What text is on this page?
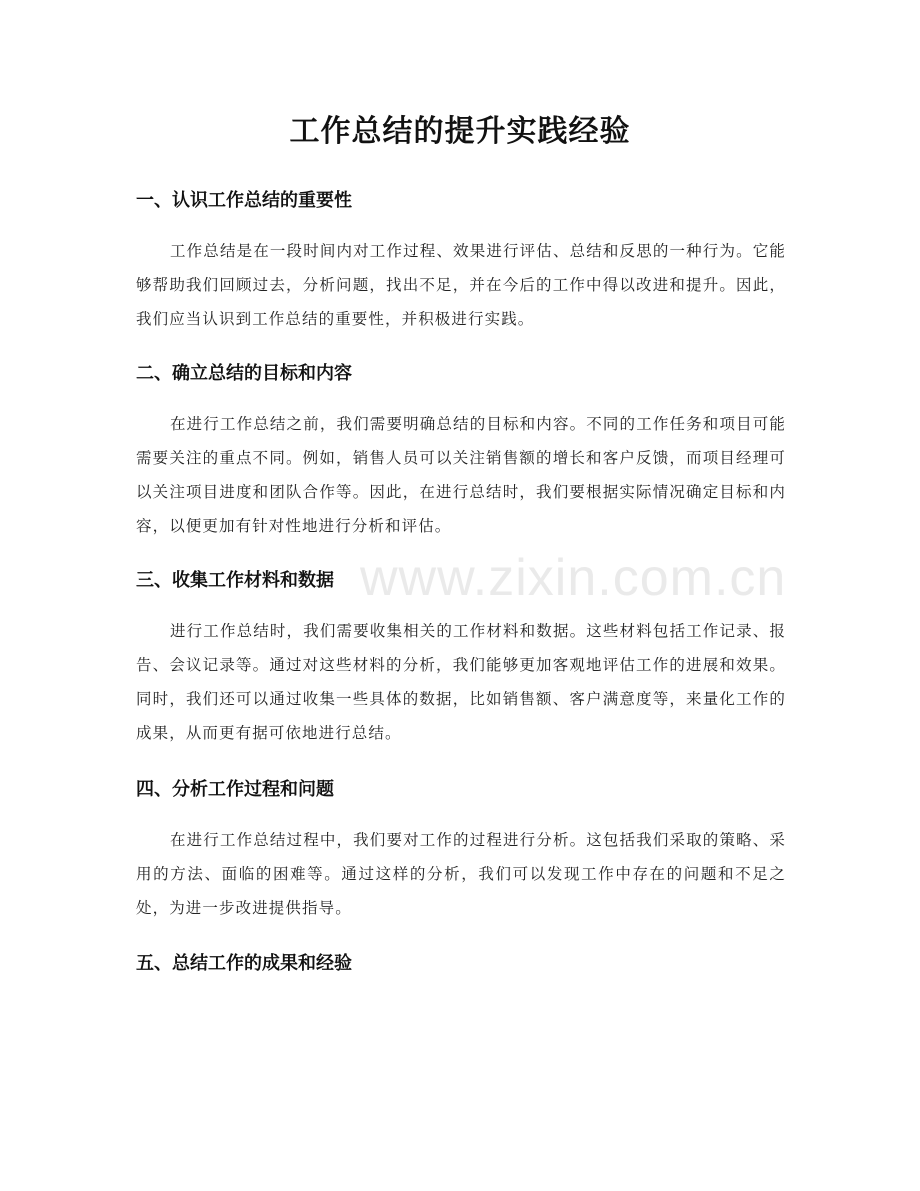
工作总结的提升实践经验
一、认识工作总结的重要性

工作总结是在一段时间内对工作过程、效果进行评估、总结和反思的一种行为。它能够帮助我们回顾过去，分析问题，找出不足，并在今后的工作中得以改进和提升。因此，我们应当认识到工作总结的重要性，并积极进行实践。

二、确立总结的目标和内容

在进行工作总结之前，我们需要明确总结的目标和内容。不同的工作任务和项目可能需要关注的重点不同。例如，销售人员可以关注销售额的增长和客户反馈，而项目经理可以关注项目进度和团队合作等。因此，在进行总结时，我们要根据实际情况确定目标和内容，以便更加有针对性地进行分析和评估。

三、收集工作材料和数据

进行工作总结时，我们需要收集相关的工作材料和数据。这些材料包括工作记录、报告、会议记录等。通过对这些材料的分析，我们能够更加客观地评估工作的进展和效果。同时，我们还可以通过收集一些具体的数据，比如销售额、客户满意度等，来量化工作的成果，从而更有据可依地进行总结。

四、分析工作过程和问题

在进行工作总结过程中，我们要对工作的过程进行分析。这包括我们采取的策略、采用的方法、面临的困难等。通过这样的分析，我们可以发现工作中存在的问题和不足之处，为进一步改进提供指导。

五、总结工作的成果和经验
www.zixin.com.cn
